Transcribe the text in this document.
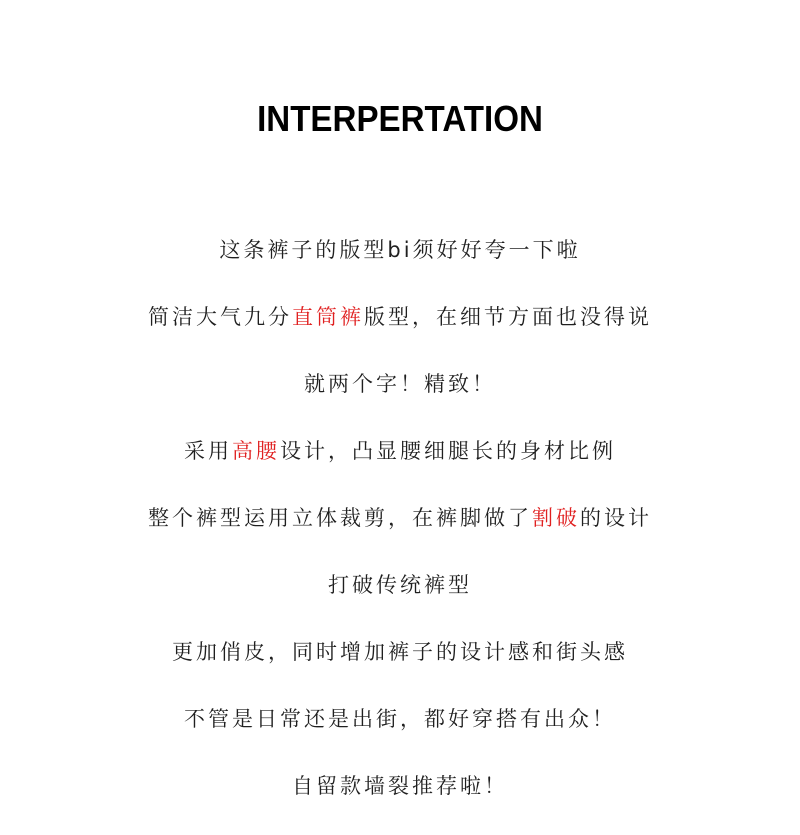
INTERPERTATION
这条裤子的版型bi须好好夸一下啦
简洁大气九分直筒裤版型，在细节方面也没得说
就两个字！精致！
采用高腰设计，凸显腰细腿长的身材比例
整个裤型运用立体裁剪，在裤脚做了割破的设计
打破传统裤型
更加俏皮，同时增加裤子的设计感和街头感
不管是日常还是出街，都好穿搭有出众！
自留款墙裂推荐啦！
